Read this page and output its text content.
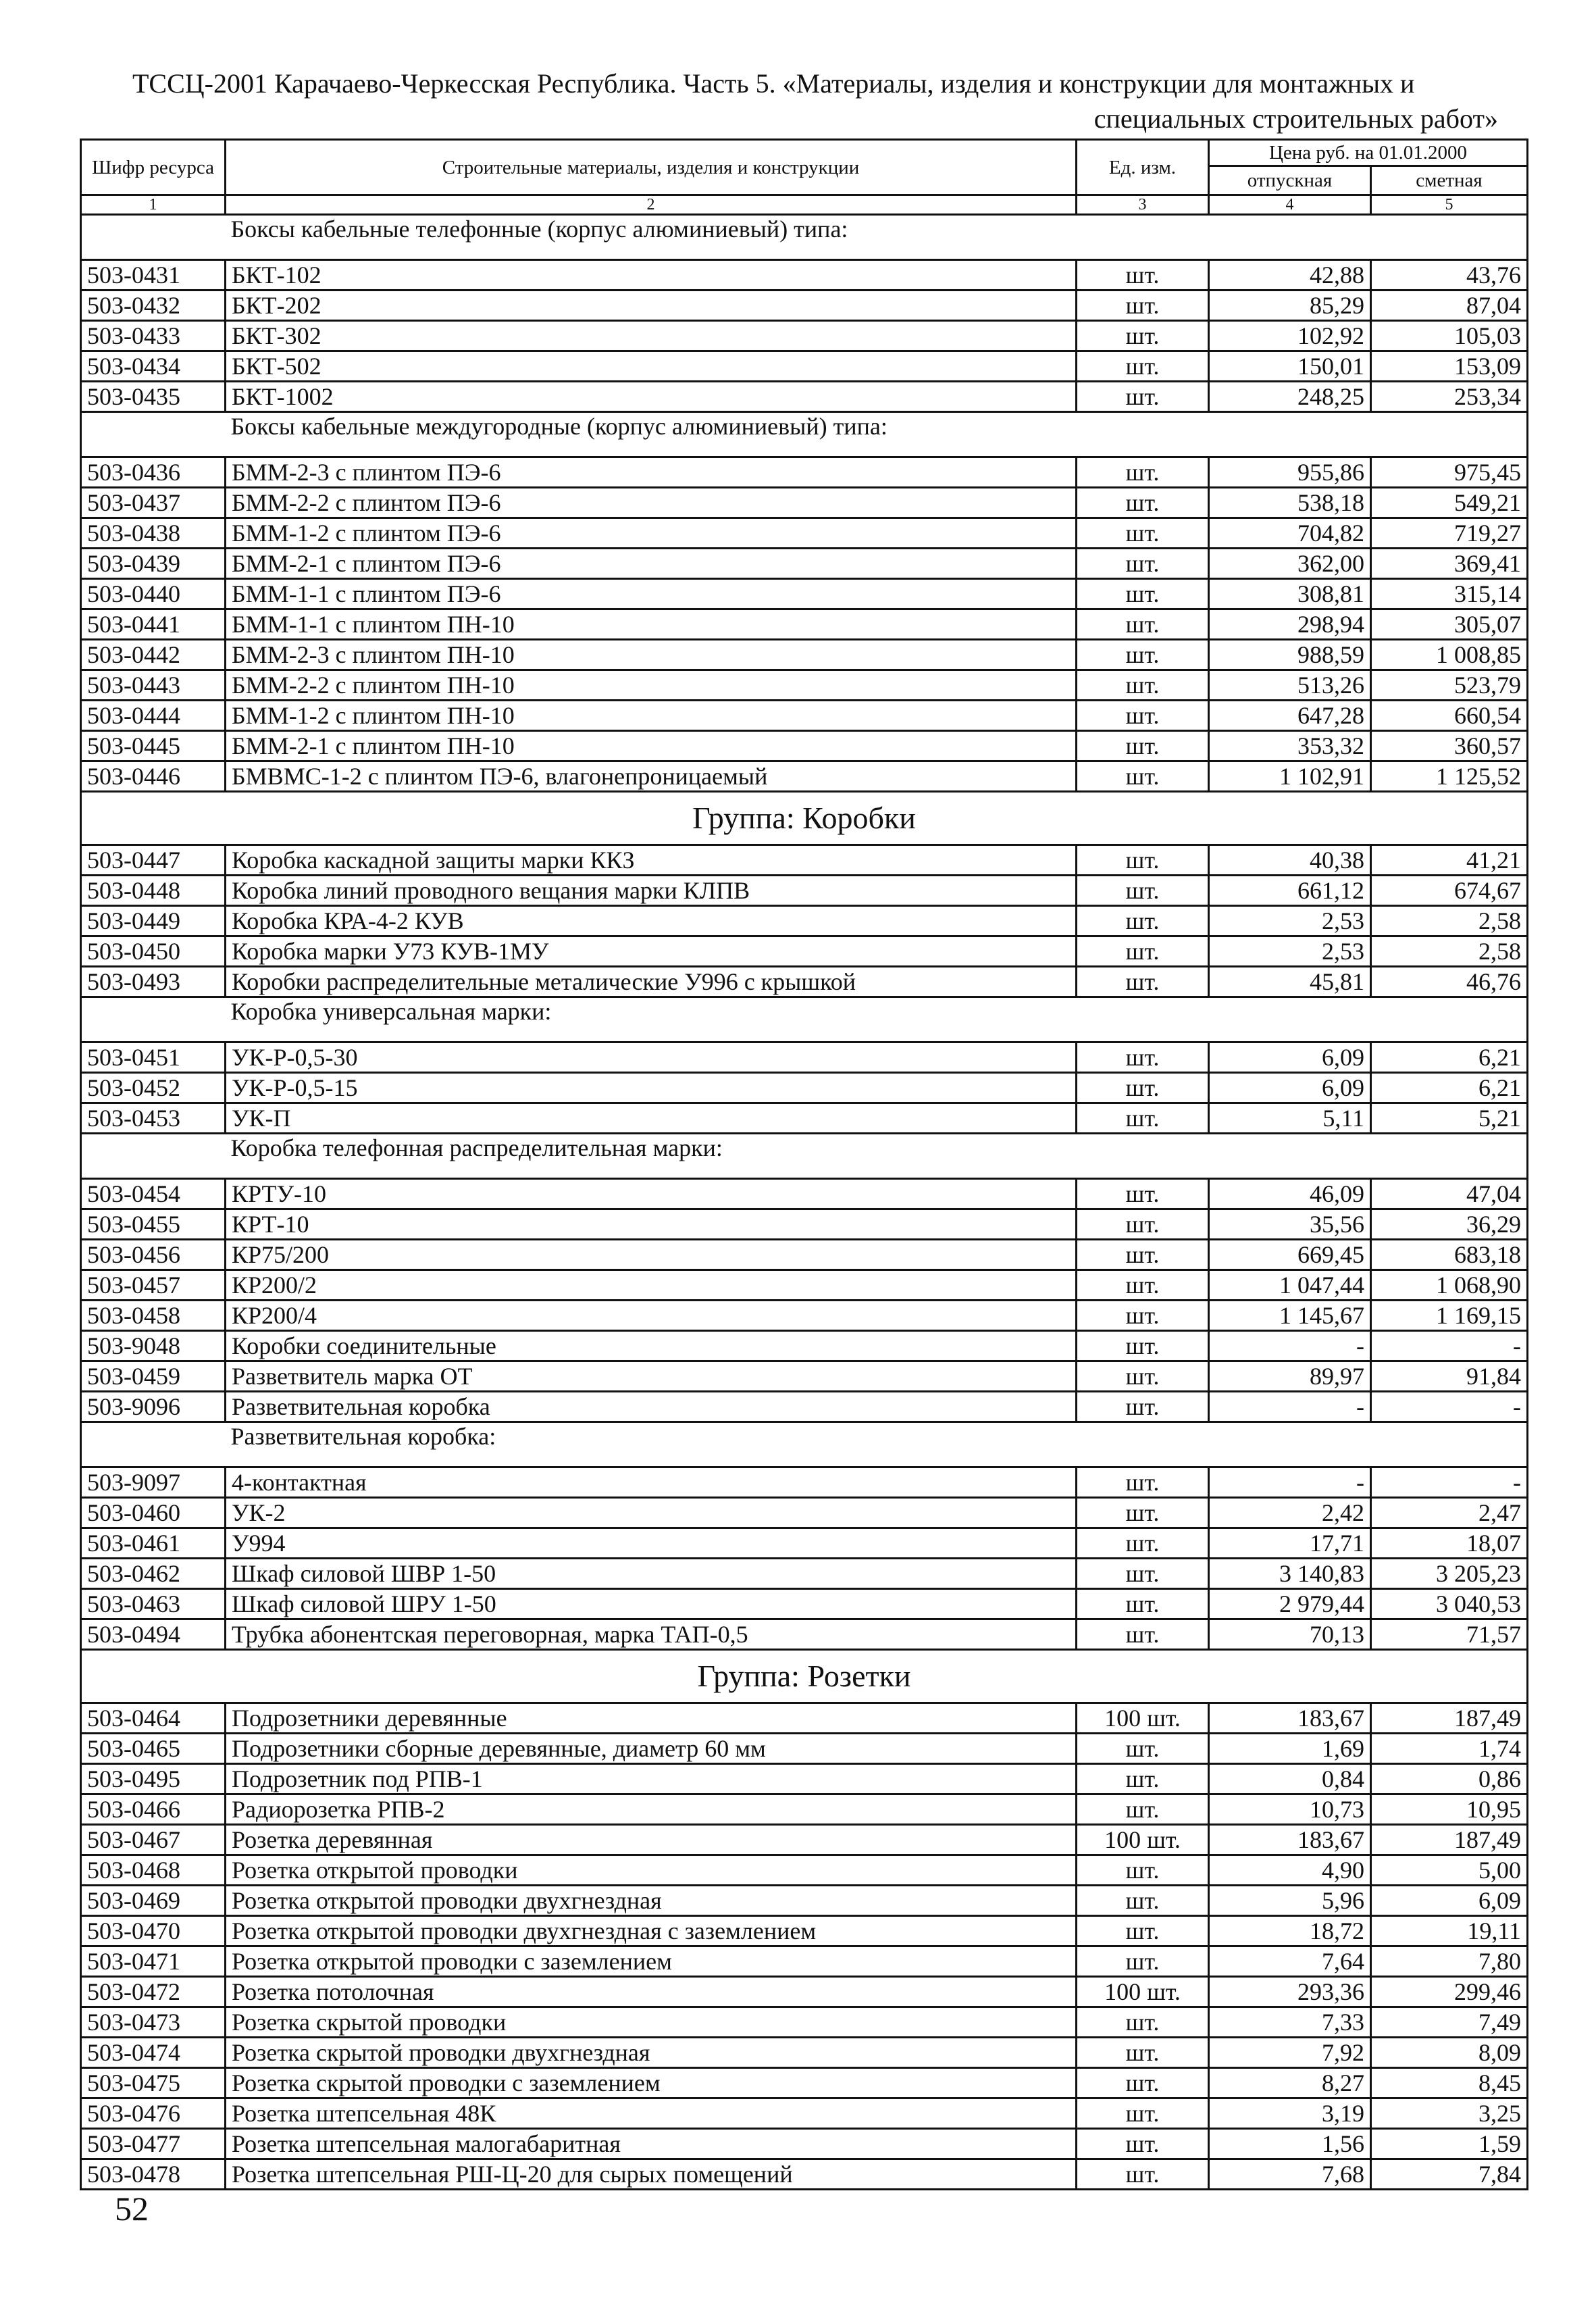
ТССЦ-2001 Карачаево-Черкесская Республика. Часть 5. «Материалы, изделия и конструкции для монтажных и
специальных строительных работ»
Шифр ресурса	Строительные материалы, изделия и конструкции	Ед. изм.	Цена руб. на 01.01.2000	
			отпускная	сметная
1	2	3	4	5
	Боксы кабельные телефонные (корпус алюминиевый) типа:			
503-0431	БКТ-102	шт.	42,88	43,76
503-0432	БКТ-202	шт.	85,29	87,04
503-0433	БКТ-302	шт.	102,92	105,03
503-0434	БКТ-502	шт.	150,01	153,09
503-0435	БКТ-1002	шт.	248,25	253,34
	Боксы кабельные междугородные (корпус алюминиевый) типа:			
503-0436	БММ-2-3 с плинтом ПЭ-6	шт.	955,86	975,45
503-0437	БММ-2-2 с плинтом ПЭ-6	шт.	538,18	549,21
503-0438	БММ-1-2 с плинтом ПЭ-6	шт.	704,82	719,27
503-0439	БММ-2-1 с плинтом ПЭ-6	шт.	362,00	369,41
503-0440	БММ-1-1 с плинтом ПЭ-6	шт.	308,81	315,14
503-0441	БММ-1-1 с плинтом ПН-10	шт.	298,94	305,07
503-0442	БММ-2-3 с плинтом ПН-10	шт.	988,59	1 008,85
503-0443	БММ-2-2 с плинтом ПН-10	шт.	513,26	523,79
503-0444	БММ-1-2 с плинтом ПН-10	шт.	647,28	660,54
503-0445	БММ-2-1 с плинтом ПН-10	шт.	353,32	360,57
503-0446	БМВМС-1-2 с плинтом ПЭ-6, влагонепроницаемый	шт.	1 102,91	1 125,52
Группа: Коробки				
503-0447	Коробка каскадной защиты марки ККЗ	шт.	40,38	41,21
503-0448	Коробка линий проводного вещания марки КЛПВ	шт.	661,12	674,67
503-0449	Коробка КРА-4-2 КУВ	шт.	2,53	2,58
503-0450	Коробка марки У73 КУВ-1МУ	шт.	2,53	2,58
503-0493	Коробки распределительные металические У996 с крышкой	шт.	45,81	46,76
	Коробка универсальная марки:			
503-0451	УК-Р-0,5-30	шт.	6,09	6,21
503-0452	УК-Р-0,5-15	шт.	6,09	6,21
503-0453	УК-П	шт.	5,11	5,21
	Коробка телефонная распределительная марки:			
503-0454	КРТУ-10	шт.	46,09	47,04
503-0455	КРТ-10	шт.	35,56	36,29
503-0456	КР75/200	шт.	669,45	683,18
503-0457	КР200/2	шт.	1 047,44	1 068,90
503-0458	КР200/4	шт.	1 145,67	1 169,15
503-9048	Коробки соединительные	шт.	-	-
503-0459	Разветвитель марка ОТ	шт.	89,97	91,84
503-9096	Разветвительная коробка	шт.	-	-
	Разветвительная коробка:			
503-9097	4-контактная	шт.	-	-
503-0460	УК-2	шт.	2,42	2,47
503-0461	У994	шт.	17,71	18,07
503-0462	Шкаф силовой ШВР 1-50	шт.	3 140,83	3 205,23
503-0463	Шкаф силовой ШРУ 1-50	шт.	2 979,44	3 040,53
503-0494	Трубка абонентская переговорная, марка ТАП-0,5	шт.	70,13	71,57
Группа: Розетки				
503-0464	Подрозетники деревянные	100 шт.	183,67	187,49
503-0465	Подрозетники сборные деревянные, диаметр 60 мм	шт.	1,69	1,74
503-0495	Подрозетник под РПВ-1	шт.	0,84	0,86
503-0466	Радиорозетка РПВ-2	шт.	10,73	10,95
503-0467	Розетка деревянная	100 шт.	183,67	187,49
503-0468	Розетка открытой проводки	шт.	4,90	5,00
503-0469	Розетка открытой проводки двухгнездная	шт.	5,96	6,09
503-0470	Розетка открытой проводки двухгнездная с заземлением	шт.	18,72	19,11
503-0471	Розетка открытой проводки с заземлением	шт.	7,64	7,80
503-0472	Розетка потолочная	100 шт.	293,36	299,46
503-0473	Розетка скрытой проводки	шт.	7,33	7,49
503-0474	Розетка скрытой проводки двухгнездная	шт.	7,92	8,09
503-0475	Розетка скрытой проводки с заземлением	шт.	8,27	8,45
503-0476	Розетка штепсельная 48К	шт.	3,19	3,25
503-0477	Розетка штепсельная малогабаритная	шт.	1,56	1,59
503-0478	Розетка штепсельная РШ-Ц-20 для сырых помещений	шт.	7,68	7,84
52
